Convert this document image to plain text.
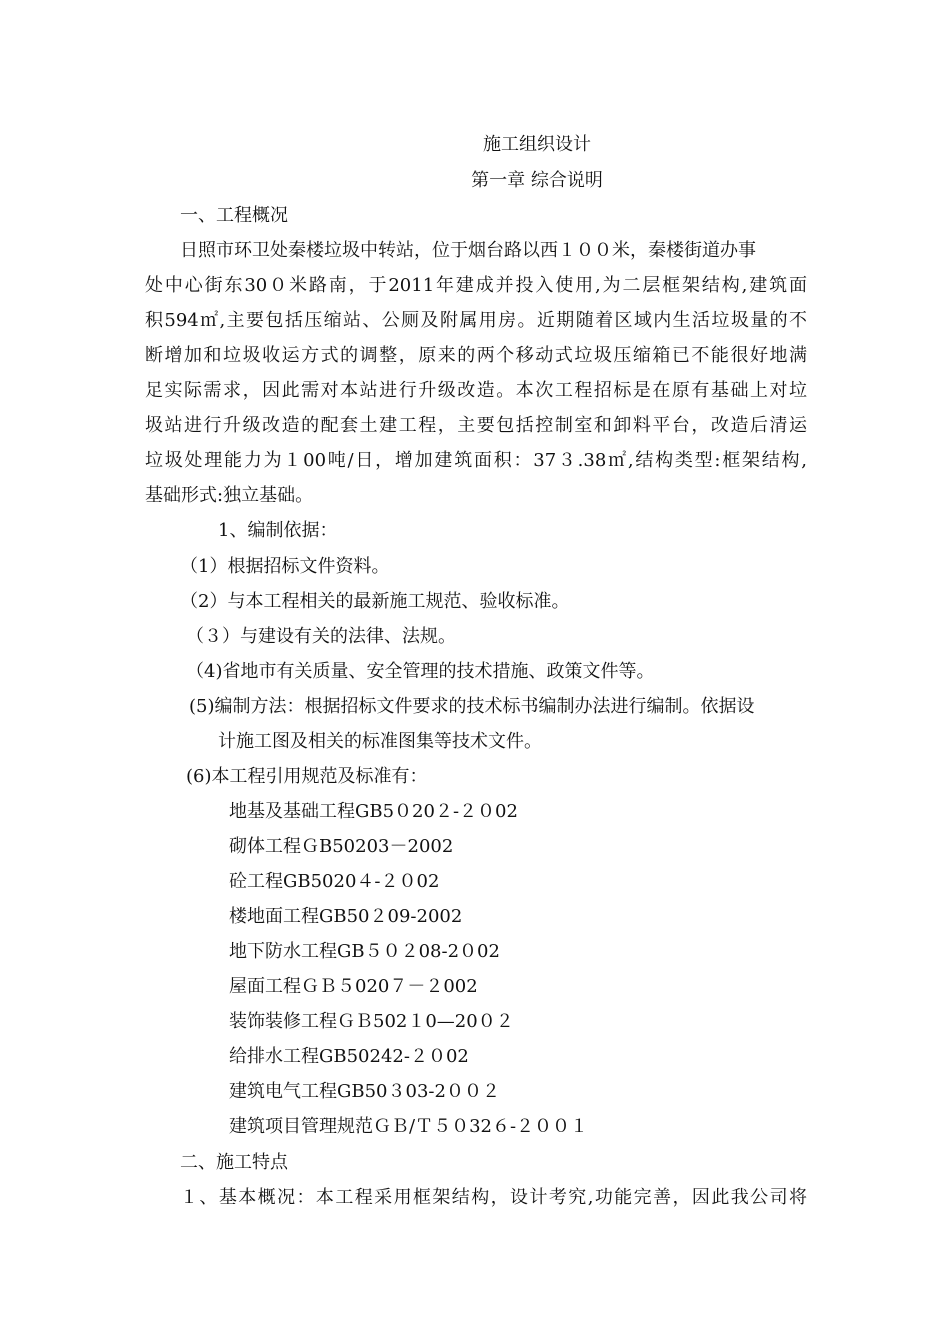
施工组织设计
第一章 综合说明
一、工程概况
日照市环卫处秦楼垃圾中转站，位于烟台路以西１００米，秦楼街道办事
处中心街东30０米路南，于2011年建成并投入使用,为二层框架结构,建筑面
积594㎡,主要包括压缩站、公厕及附属用房。近期随着区域内生活垃圾量的不
断增加和垃圾收运方式的调整，原来的两个移动式垃圾压缩箱已不能很好地满
足实际需求，因此需对本站进行升级改造。本次工程招标是在原有基础上对垃
圾站进行升级改造的配套土建工程，主要包括控制室和卸料平台，改造后清运
垃圾处理能力为１00吨/日，增加建筑面积：37３.38㎡,结构类型:框架结构,
基础形式:独立基础。
1、编制依据：
（1）根据招标文件资料。
（2）与本工程相关的最新施工规范、验收标准。
（３）与建设有关的法律、法规。
（4)省地市有关质量、安全管理的技术措施、政策文件等。
(5)编制方法：根据招标文件要求的技术标书编制办法进行编制。依据设
计施工图及相关的标准图集等技术文件。
(6)本工程引用规范及标准有：
地基及基础工程GB5０20２-２０02
砌体工程ＧB50203－2002
砼工程GB5020４-２０02
楼地面工程GB50２09-2002
地下防水工程GB５０２08-2０02
屋面工程ＧＢ５020７－２002
装饰装修工程ＧＢ502１0—20０２
给排水工程GB50242-２０02
建筑电气工程GB50３03-2００２
建筑项目管理规范ＧＢ/Ｔ５０32６-２００１
二、施工特点
１、基本概况：本工程采用框架结构，设计考究,功能完善，因此我公司将
